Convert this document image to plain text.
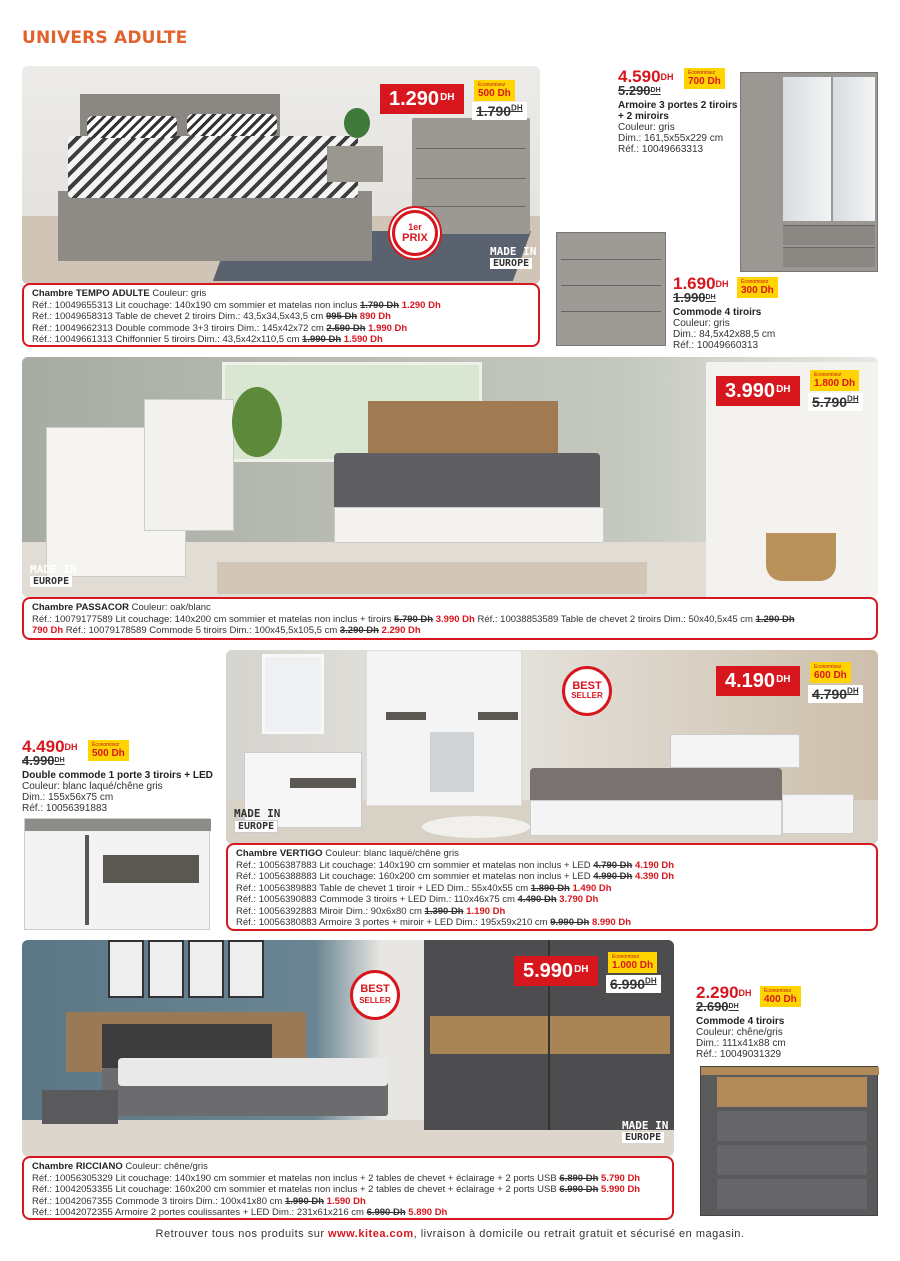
UNIVERS ADULTE
$1.290^{DH}$
Économisez
500 Dh
$1.790^{DH}$
1er
PRIX
MADE IN
EUROPE
Chambre TEMPO ADULTE Couleur: gris
Réf.: 10049655313 Lit couchage: 140x190 cm sommier et matelas non inclus 1.790 Dh 1.290 Dh
Réf.: 10049658313 Table de chevet 2 tiroirs Dim.: 43,5x34,5x43,5 cm 995 Dh 890 Dh
Réf.: 10049662313 Double commode 3+3 tiroirs Dim.: 145x42x72 cm 2.590 Dh 1.990 Dh
Réf.: 10049661313 Chiffonnier 5 tiroirs Dim.: 43,5x42x110,5 cm 1.990 Dh 1.590 Dh
$4.590^{DH}$	Économisez
700 Dh
$5.290^{DH}$
Armoire 3 portes 2 tiroirs
+ 2 miroirs
Couleur: gris
Dim.: 161,5x55x229 cm
Réf.: 10049663313
$1.690^{DH}$ Économisez
300 Dh
$1.990^{DH}$
Commode 4 tiroirs
Couleur: gris
Dim.: 84,5x42x88,5 cm
Réf.: 10049660313
$3.990^{DH}$
Économisez
1.800 Dh
$5.790^{DH}$
MADE IN
EUROPE
Chambre PASSACOR Couleur: oak/blanc
Réf.: 10079177589 Lit couchage: 140x200 cm sommier et matelas non inclus + tiroirs 5.790 Dh 3.990 Dh Réf.: 10038853589 Table de chevet 2 tiroirs Dim.: 50x40,5x45 cm 1.290 Dh
790 Dh Réf.: 10079178589 Commode 5 tiroirs Dim.: 100x45,5x105,5 cm 3.290 Dh 2.290 Dh
$4.490^{DH}$	Économisez
500 Dh
$4.990^{DH}$
Double commode 1 porte 3 tiroirs + LED
Couleur: blanc laqué/chêne gris
Dim.: 155x56x75 cm
Réf.: 10056391883
BEST
SELLER
$4.190^{DH}$
Économisez
600 Dh
$4.790^{DH}$
MADE IN
EUROPE
Chambre VERTIGO Couleur: blanc laqué/chêne gris
Réf.: 10056387883 Lit couchage: 140x190 cm sommier et matelas non inclus + LED 4.790 Dh 4.190 Dh
Réf.: 10056388883 Lit couchage: 160x200 cm sommier et matelas non inclus + LED 4.990 Dh 4.390 Dh
Réf.: 10056389883 Table de chevet 1 tiroir + LED Dim.: 55x40x55 cm 1.890 Dh 1.490 Dh
Réf.: 10056390883 Commode 3 tiroirs + LED Dim.: 110x46x75 cm 4.490 Dh 3.790 Dh
Réf.: 10056392883 Miroir Dim.: 90x6x80 cm 1.390 Dh 1.190 Dh
Réf.: 10056380883 Armoire 3 portes + miroir + LED Dim.: 195x59x210 cm 9.990 Dh 8.990 Dh
BEST
SELLER
$5.990^{DH}$
Économisez
1.000 Dh
$6.990^{DH}$
MADE IN
EUROPE
Chambre RICCIANO Couleur: chêne/gris
Réf.: 10056305329 Lit couchage: 140x190 cm sommier et matelas non inclus + 2 tables de chevet + éclairage + 2 ports USB 6.890 Dh 5.790 Dh
Réf.: 10042053355 Lit couchage: 160x200 cm sommier et matelas non inclus + 2 tables de chevet + éclairage + 2 ports USB 6.990 Dh 5.990 Dh
Réf.: 10042067355 Commode 3 tiroirs Dim.: 100x41x80 cm 1.990 Dh 1.590 Dh
Réf.: 10042072355 Armoire 2 portes coulissantes + LED Dim.: 231x61x216 cm 6.990 Dh 5.890 Dh
$2.290^{DH}$ Économisez
400 Dh
$2.690^{DH}$
Commode 4 tiroirs
Couleur: chêne/gris
Dim.: 111x41x88 cm
Réf.: 10049031329
Retrouver tous nos produits sur www.kitea.com, livraison à domicile ou retrait gratuit et sécurisé en magasin.
